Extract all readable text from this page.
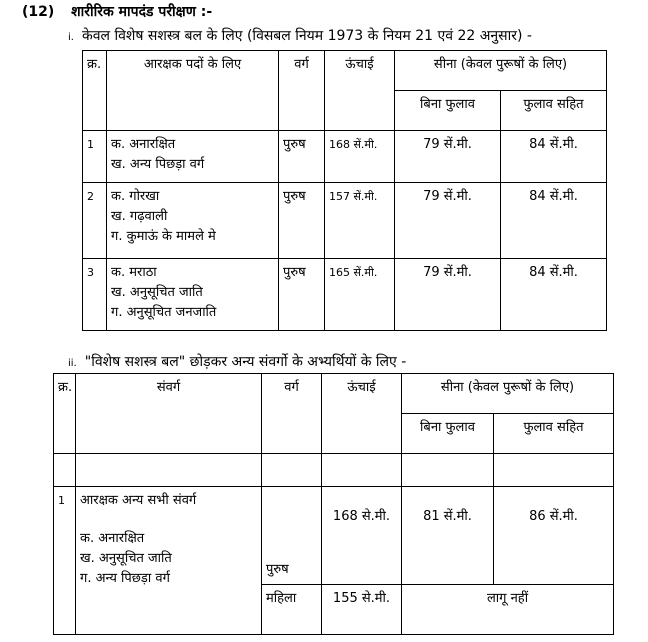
(12) शारीरिक मापदंड परीक्षण :-
i. केवल विशेष सशस्त्र बल के लिए (विसबल नियम 1973 के नियम 21 एवं 22 अनुसार) -
क्र.	आरक्षक पदों के लिए	वर्ग	ऊंचाई	सीना (केवल पुरूषों के लिए)	
				बिना फुलाव	फुलाव सहित
1	क. अनारक्षित
ख. अन्य पिछड़ा वर्ग	पुरुष	168 सें.मी.	79 सें.मी.	84 सें.मी.
2	क. गोरखा
ख. गढ़वाली
ग. कुमाऊं के मामले मे	पुरुष	157 सें.मी.	79 सें.मी.	84 सें.मी.
3	क. मराठा
ख. अनुसूचित जाति
ग. अनुसूचित जनजाति	पुरुष	165 सें.मी.	79 सें.मी.	84 सें.मी.
ii. "विशेष सशस्त्र बल" छोड़कर अन्य संवर्गो के अभ्यर्थियों के लिए -
क्र.	संवर्ग	वर्ग	ऊंचाई	सीना (केवल पुरूषों के लिए)	
				बिना फुलाव	फुलाव सहित

1	आरक्षक अन्य सभी संवर्ग
क. अनारक्षित
ख. अनुसूचित जाति
ग. अन्य पिछड़ा वर्ग	पुरुष	168 से.मी.	81 सें.मी.	86 सें.मी.
		महिला	155 से.मी.	लागू नहीं	
